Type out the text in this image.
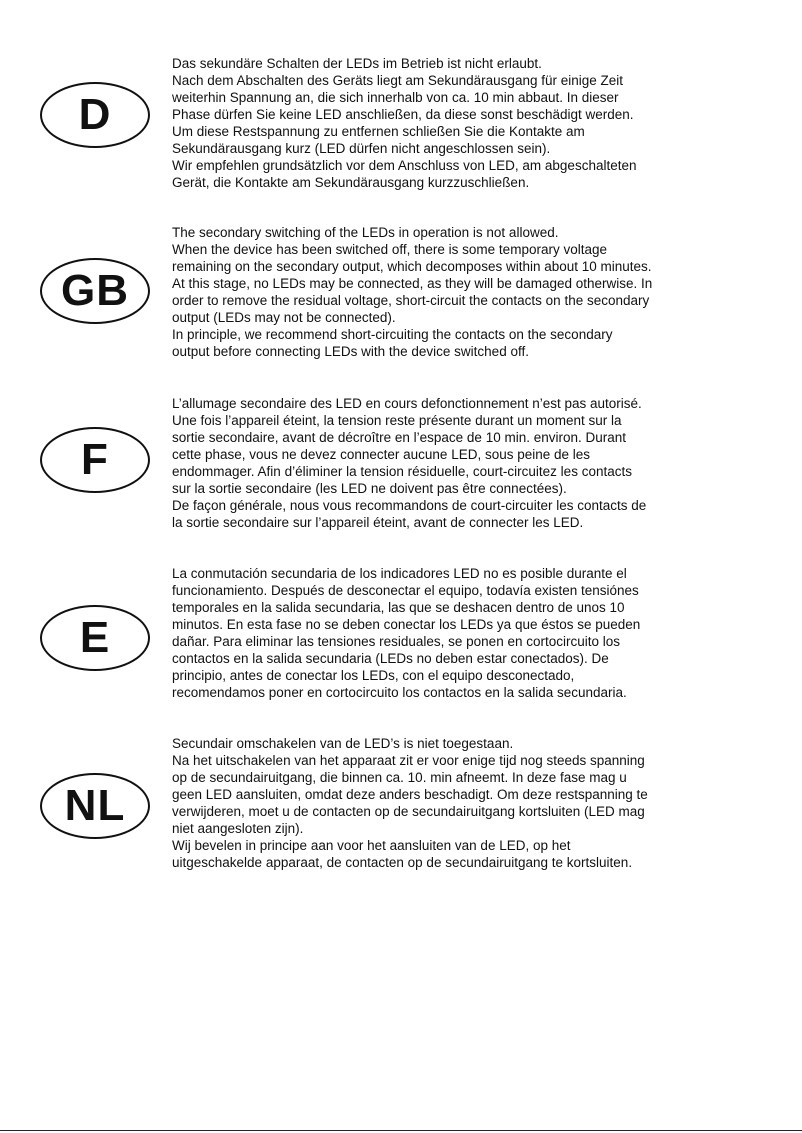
D

Das sekundäre Schalten der LEDs im Betrieb ist nicht erlaubt.

Nach dem Abschalten des Geräts liegt am Sekundärausgang für einige Zeit

weiterhin Spannung an, die sich innerhalb von ca. 10 min abbaut. In dieser

Phase dürfen Sie keine LED anschließen, da diese sonst beschädigt werden.

Um diese Restspannung zu entfernen schließen Sie die Kontakte am

Sekundärausgang kurz (LED dürfen nicht angeschlossen sein).

Wir empfehlen grundsätzlich vor dem Anschluss von LED, am abgeschalteten

Gerät, die Kontakte am Sekundärausgang kurzzuschließen.

GB

The secondary switching of the LEDs in operation is not allowed.

When the device has been switched off, there is some temporary voltage

remaining on the secondary output, which decomposes within about 10 minutes.

At this stage, no LEDs may be connected, as they will be damaged otherwise. In

order to remove the residual voltage, short-circuit the contacts on the secondary

output (LEDs may not be connected).

In principle, we recommend short-circuiting the contacts on the secondary

output before connecting LEDs with the device switched off.

F

L’allumage secondaire des LED en cours defonctionnement n’est pas autorisé.

Une fois l’appareil éteint, la tension reste présente durant un moment sur la

sortie secondaire, avant de décroître en l’espace de 10 min. environ. Durant

cette phase, vous ne devez connecter aucune LED, sous peine de les

endommager. Afin d’éliminer la tension résiduelle, court-circuitez les contacts

sur la sortie secondaire (les LED ne doivent pas être connectées).

De façon générale, nous vous recommandons de court-circuiter les contacts de

la sortie secondaire sur l’appareil éteint, avant de connecter les LED.

E

La conmutación secundaria de los indicadores LED no es posible durante el

funcionamiento. Después de desconectar el equipo, todavía existen tensiónes

temporales en la salida secundaria, las que se deshacen dentro de unos 10

minutos. En esta fase no se deben conectar los LEDs ya que éstos se pueden

dañar. Para eliminar las tensiones residuales, se ponen en cortocircuito los

contactos en la salida secundaria (LEDs no deben estar conectados). De

principio, antes de conectar los LEDs, con el equipo desconectado,

recomendamos poner en cortocircuito los contactos en la salida secundaria.

NL

Secundair omschakelen van de LED’s is niet toegestaan.

Na het uitschakelen van het apparaat zit er voor enige tijd nog steeds spanning

op de secundairuitgang, die binnen ca. 10. min afneemt. In deze fase mag u

geen LED aansluiten, omdat deze anders beschadigt. Om deze restspanning te

verwijderen, moet u de contacten op de secundairuitgang kortsluiten (LED mag

niet aangesloten zijn).

Wij bevelen in principe aan voor het aansluiten van de LED, op het

uitgeschakelde apparaat, de contacten op de secundairuitgang te kortsluiten.
